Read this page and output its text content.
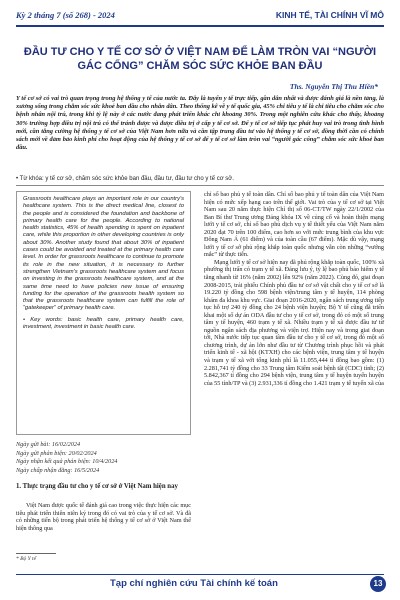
Kỳ 2 tháng 7 (số 268) - 2024	KINH TẾ, TÀI CHÍNH VĨ MÔ
ĐẦU TƯ CHO Y TẾ CƠ SỞ Ở VIỆT NAM ĐỂ LÀM TRÒN VAI “NGƯỜI GÁC CỔNG” CHĂM SÓC SỨC KHỎE BAN ĐẦU
Ths. Nguyễn Thị Thu Hiền*
Y tế cơ sở có vai trò quan trọng trong hệ thống y tế của nước ta. Đây là tuyến y tế trực tiếp, gần dân nhất và được đánh giá là nền tảng, là xương sống trong chăm sóc sức khoẻ ban đầu cho nhân dân. Theo thống kê về y tế quốc gia, 45% chi tiêu y tế là chi tiêu cho chăm sóc cho bệnh nhân nội trú, trong khi tỷ lệ này ở các nước đang phát triển khác chỉ khoảng 30%. Trong một nghiên cứu khác cho thấy, khoảng 30% trường hợp điều trị nội trú có thể tránh được và được điều trị ở cấp y tế cơ sở. Để y tế cơ sở tiếp tục phát huy vai trò trong tình hình mới, cần tăng cường hệ thống y tế cơ sở của Việt Nam hơn nữa và cần tập trung đầu tư vào hệ thống y tế cơ sở, đồng thời cần có chính sách mới về đảm bảo kinh phí cho hoạt động của hệ thống y tế cơ sở để y tế cơ sở làm tròn vai “người gác cổng” chăm sóc sức khoẻ ban đầu.
• Từ khóa: y tế cơ sở, chăm sóc sức khỏe ban đầu, đầu tư, đầu tư cho y tế cơ sở.

Grassroots healthcare plays an important role in our country's healthcare system. This is the direct medical line, closest to the people and is considered the foundation and backbone of primary health care for the people. According to national health statistics, 45% of health spending is spent on inpatient care, while this proportion in other developing countries is only about 30%. Another study found that about 30% of inpatient cases could be avoided and treated at the primary health care level. In order for grassroots healthcare to continue to promote its role in the new situation, it is necessary to further strengthen Vietnam's grassroots healthcare system and focus on investing in the grassroots healthcare system, and at the same time need to have policies new issue of ensuring funding for the operation of the grassroots health system so that the grassroots healthcare system can fulfill the role of “gatekeeper” of primary health care.

• Key words: basic health care, primary health care, investment, investment in basic health care.

Ngày gửi bài: 16/02/2024
Ngày gửi phản biện: 20/02/2024
Ngày nhận kết quả phản biện: 10/4/2024
Ngày chấp nhận đăng: 16/5/2024
1. Thực trạng đầu tư cho y tế cơ sở ở Việt Nam hiện nay

Việt Nam được quốc tế đánh giá cao trong việc thực hiện các mục tiêu phát triển thiên niên kỷ trong đó có vai trò của y tế cơ sở. Và đã có những tiến bộ trong phát triển hệ thống y tế cơ sở ở Việt Nam thể hiện thông qua

* Bộ Y tế

chỉ số bao phủ y tế toàn dân. Chỉ số bao phủ y tế toàn dân của Việt Nam hiện có mức xếp hạng cao trên thế giới. Vai trò của y tế cơ sở tại Việt Nam sau 20 năm thực hiện Chỉ thị số 06-CT/TW ngày 22/1/2002 của Ban Bí thư Trung ương Đảng khóa IX về củng cố và hoàn thiện mạng lưới y tế cơ sở, chỉ số bao phủ dịch vụ y tế thiết yếu của Việt Nam năm 2020 đạt 70 trên 100 điểm, cao hơn so với mức trung bình của khu vực Đông Nam Á (61 điểm) và của toàn cầu (67 điểm). Mặc dù vậy, mạng lưới y tế cơ sở phủ rộng khắp toàn quốc nhưng vẫn còn những “vướng mắc” từ thực tiễn.

Mạng lưới y tế cơ sở hiện nay đã phủ rộng khắp toàn quốc, 100% xã phường thị trấn có trạm y tế xã. Đáng lưu ý, tỷ lệ bao phủ bảo hiểm y tế tăng nhanh từ 16% (năm 2002) lên 92% (năm 2022). Cùng đó, giai đoạn 2008-2015, trải phiếu Chính phủ đầu tư cơ sở vật chất cho y tế cơ sở là 19.220 tỷ đồng cho 598 bệnh viện/trung tâm y tế huyện, 114 phòng khám đa khoa khu vực. Giai đoạn 2016-2020, ngân sách trung ương tiếp tục hỗ trợ 240 tỷ đồng cho 24 bệnh viện huyện; Bộ Y tế cũng đã triển khai một số dự án ODA đầu tư cho y tế cơ sở, trong đó có một số trung tâm y tế huyện, 460 trạm y tế xã. Nhiều trạm y tế xã được đầu tư từ nguồn ngân sách địa phương và viện trợ. Hiện nay và trong giai đoạn tới, Nhà nước tiếp tục quan tâm đầu tư cho y tế cơ sở, trong đó một số chương trình, dự án lớn như đầu tư từ Chương trình phục hồi và phát triển kinh tế - xã hội (KTXH) cho các bệnh viện, trung tâm y tế huyện và trạm y tế xã với tổng kinh phí là 11.055,444 tỉ đồng bao gồm: (1) 2.281,741 tỷ đồng cho 33 Trung tâm Kiểm soát bệnh tật (CDC) tỉnh; (2) 5.842,367 tỉ đồng cho 294 bệnh viện, trung tâm y tế huyện tuyến huyện của 55 tỉnh/TP và (3) 2.931,336 tỉ đồng cho 1.421 trạm y tế tuyến xã của

Tạp chí nghiên cứu Tài chính kế toán	13
